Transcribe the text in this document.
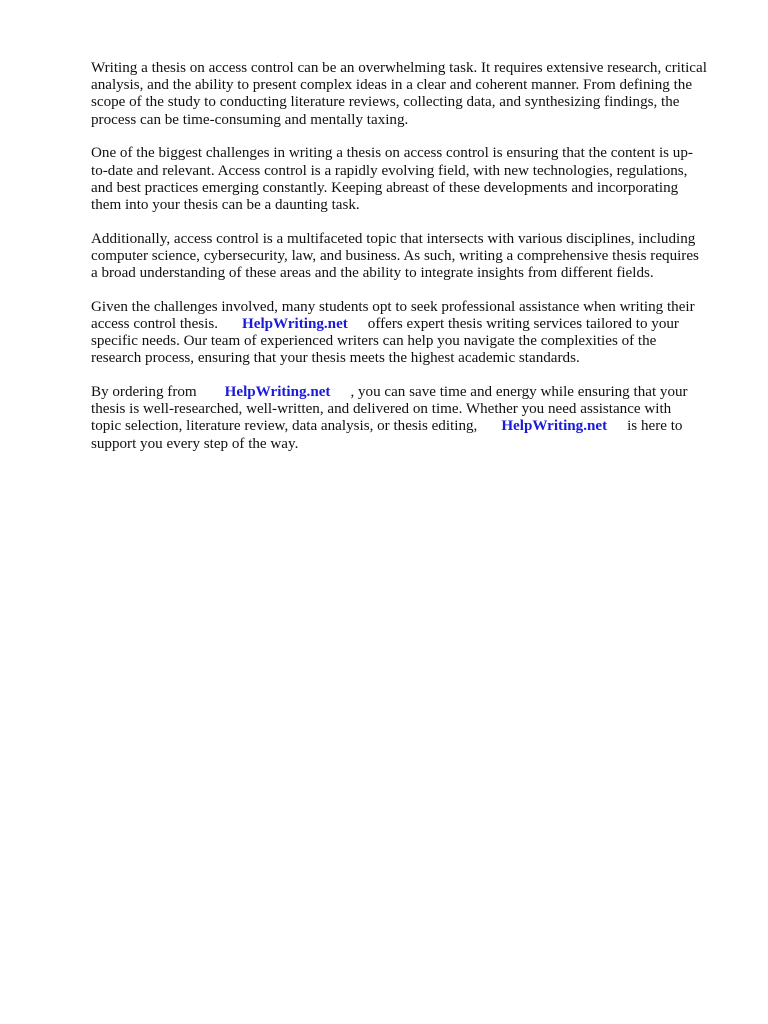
Writing a thesis on access control can be an overwhelming task. It requires extensive research, critical
analysis, and the ability to present complex ideas in a clear and coherent manner. From defining the
scope of the study to conducting literature reviews, collecting data, and synthesizing findings, the
process can be time-consuming and mentally taxing.

One of the biggest challenges in writing a thesis on access control is ensuring that the content is up-
to-date and relevant. Access control is a rapidly evolving field, with new technologies, regulations,
and best practices emerging constantly. Keeping abreast of these developments and incorporating
them into your thesis can be a daunting task.

Additionally, access control is a multifaceted topic that intersects with various disciplines, including
computer science, cybersecurity, law, and business. As such, writing a comprehensive thesis requires
a broad understanding of these areas and the ability to integrate insights from different fields.

Given the challenges involved, many students opt to seek professional assistance when writing their
access control thesis. HelpWriting.net offers expert thesis writing services tailored to your
specific needs. Our team of experienced writers can help you navigate the complexities of the
research process, ensuring that your thesis meets the highest academic standards.

By ordering from HelpWriting.net , you can save time and energy while ensuring that your
thesis is well-researched, well-written, and delivered on time. Whether you need assistance with
topic selection, literature review, data analysis, or thesis editing, HelpWriting.net is here to
support you every step of the way.
